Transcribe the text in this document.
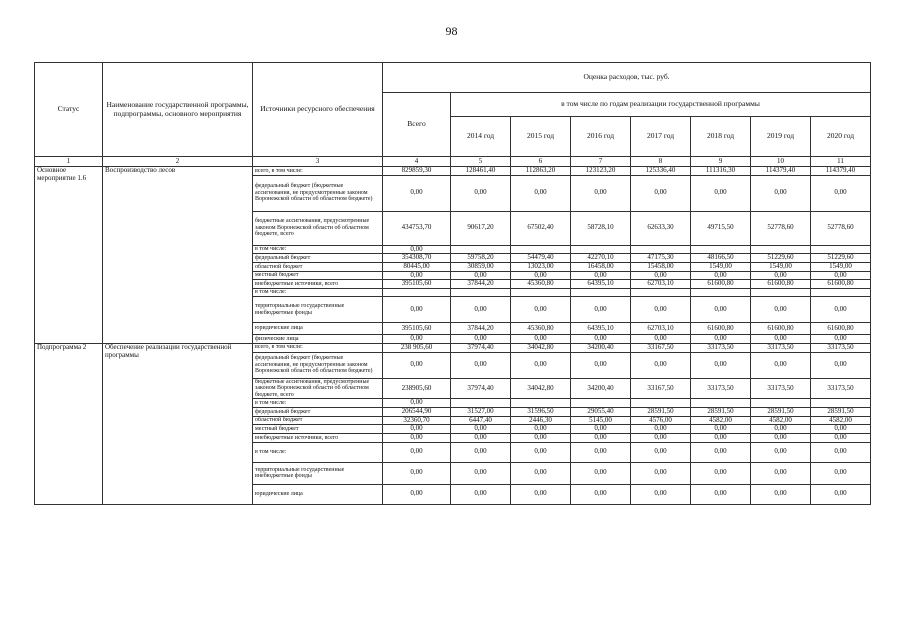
98
Статус	Наименование государственной программы, подпрограммы, основного мероприятия	Источники ресурсного обеспечения	Оценка расходов, тыс. руб.							
			Всего	в том числе по годам реализации государственной программы						
				2014 год	2015 год	2016 год	2017 год	2018 год	2019 год	2020 год
1	2	3	4	5	6	7	8	9	10	11
Основное мероприятие 1.6	Воспроизводство лесов	всего, в том числе:	829859,30	128461,40	112863,20	123123,20	125336,40	111316,30	114379,40	114379,40
		федеральный бюджет (бюджетные ассигнования, не предусмотренные законом Воронежской области об областном бюджете)	0,00	0,00	0,00	0,00	0,00	0,00	0,00	0,00
		бюджетные ассигнования, предусмотренные законом Воронежской области об областном бюджете, всего	434753,70	90617,20	67502,40	58728,10	62633,30	49715,50	52778,60	52778,60
		в том числе:	0,00							
		федеральный бюджет	354308,70	59758,20	54479,40	42270,10	47175,30	48166,50	51229,60	51229,60
		областной бюджет	80445,00	30859,00	13023,00	16458,00	15458,00	1549,00	1549,00	1549,00
		местный бюджет	0,00	0,00	0,00	0,00	0,00	0,00	0,00	0,00
		внебюджетные источники, всего	395105,60	37844,20	45360,80	64395,10	62703,10	61600,80	61600,80	61600,80
		в том числе:								
		территориальные государственные внебюджетные фонды	0,00	0,00	0,00	0,00	0,00	0,00	0,00	0,00
		юридические лица	395105,60	37844,20	45360,80	64395,10	62703,10	61600,80	61600,80	61600,80
		физические лица	0,00	0,00	0,00	0,00	0,00	0,00	0,00	0,00
Подпрограмма 2	Обеспечение реализации государственной программы	всего, в том числе:	238 905,60	37974,40	34042,80	34200,40	33167,50	33173,50	33173,50	33173,50
		федеральный бюджет (бюджетные ассигнования, не предусмотренные законом Воронежской области об областном бюджете)	0,00	0,00	0,00	0,00	0,00	0,00	0,00	0,00
		бюджетные ассигнования, предусмотренные законом Воронежской области об областном бюджете, всего	238905,60	37974,40	34042,80	34200,40	33167,50	33173,50	33173,50	33173,50
		в том числе:	0,00							
		федеральный бюджет	206544,90	31527,00	31596,50	29055,40	28591,50	28591,50	28591,50	28591,50
		областной бюджет	32360,70	6447,40	2446,30	5145,00	4576,00	4582,00	4582,00	4582,00
		местный бюджет	0,00	0,00	0,00	0,00	0,00	0,00	0,00	0,00
		внебюджетные источники, всего	0,00	0,00	0,00	0,00	0,00	0,00	0,00	0,00
		в том числе:	0,00	0,00	0,00	0,00	0,00	0,00	0,00	0,00
		территориальные государственные внебюджетные фонды	0,00	0,00	0,00	0,00	0,00	0,00	0,00	0,00
		юридические лица	0,00	0,00	0,00	0,00	0,00	0,00	0,00	0,00
